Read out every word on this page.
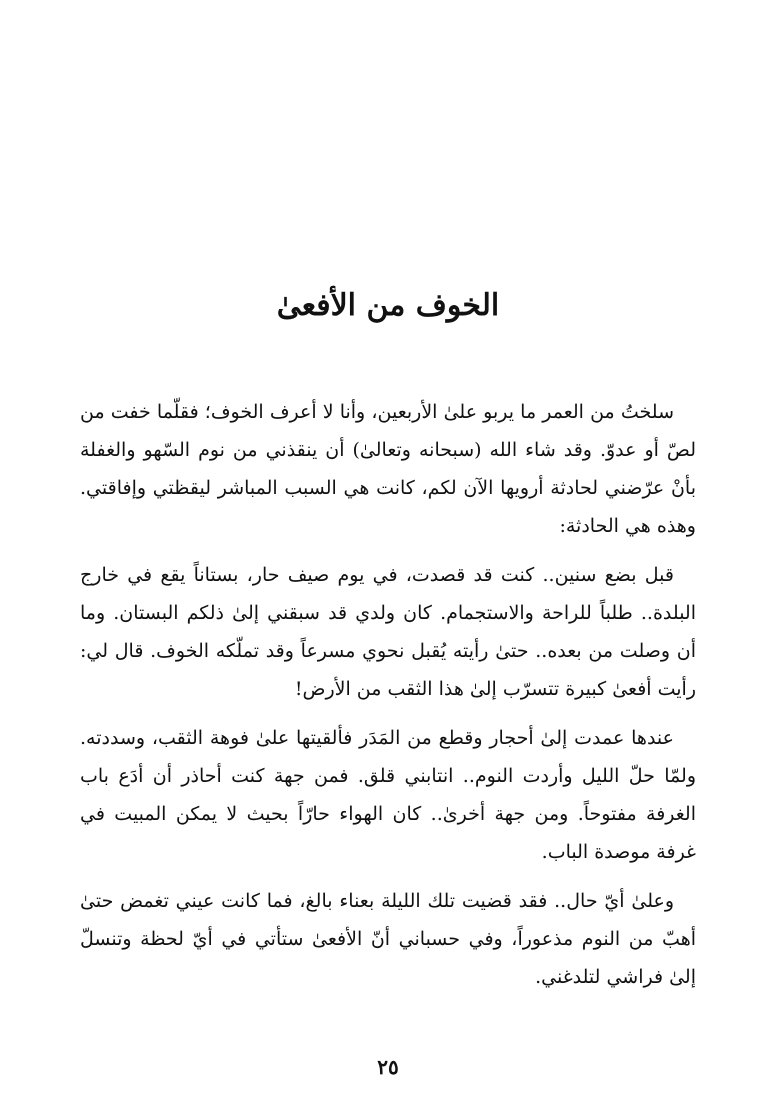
الخوف من الأفعىٰ

سلختُ من العمر ما يربو علىٰ الأربعين، وأنا لا أعرف الخوف؛ فقلّما خفت من لصّ أو عدوّ. وقد شاء الله (سبحانه وتعالىٰ) أن ينقذني من نوم السّهو والغفلة بأنْ عرّضني لحادثة أرويها الآن لكم، كانت هي السبب المباشر ليقظتي وإفاقتي. وهذه هي الحادثة:

قبل بضع سنين.. كنت قد قصدت، في يوم صيف حار، بستاناً يقع في خارج البلدة.. طلباً للراحة والاستجمام. كان ولدي قد سبقني إلىٰ ذلكم البستان. وما أن وصلت من بعده.. حتىٰ رأيته يُقبل نحوي مسرعاً وقد تملّكه الخوف. قال لي: رأيت أفعىٰ كبيرة تتسرّب إلىٰ هذا الثقب من الأرض!

عندها عمدت إلىٰ أحجار وقطع من المَدَر فألقيتها علىٰ فوهة الثقب، وسددته. ولمّا حلّ الليل وأردت النوم.. انتابني قلق. فمن جهة كنت أحاذر أن أدَع باب الغرفة مفتوحاً. ومن جهة أخرىٰ.. كان الهواء حارّاً بحيث لا يمكن المبيت في غرفة موصدة الباب.

وعلىٰ أيّ حال.. فقد قضيت تلك الليلة بعناء بالغ، فما كانت عيني تغمض حتىٰ أهبّ من النوم مذعوراً، وفي حسباني أنّ الأفعىٰ ستأتي في أيّ لحظة وتنسلّ إلىٰ فراشي لتلدغني.

٢٥
